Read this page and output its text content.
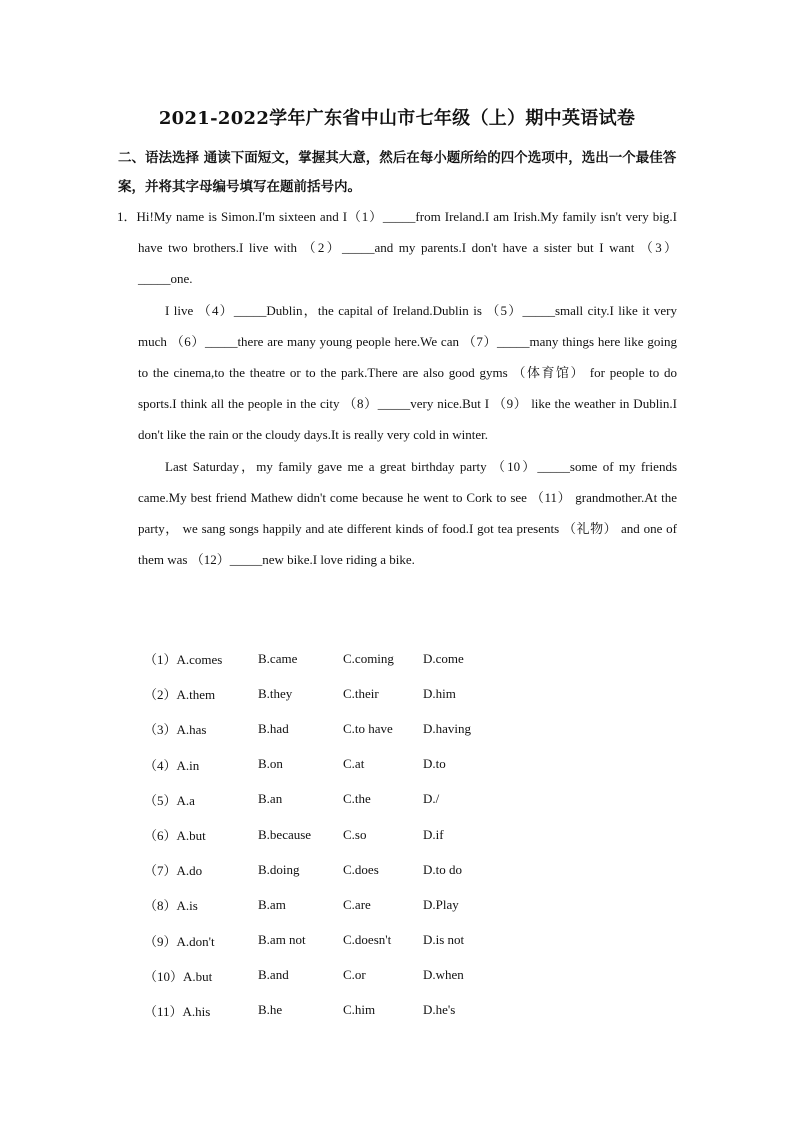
2021-2022学年广东省中山市七年级（上）期中英语试卷
二、语法选择 通读下面短文，掌握其大意，然后在每小题所给的四个选项中，选出一个最佳答案，并将其字母编号填写在题前括号内。

1．Hi!My name is Simon.I'm sixteen and I（1）_____from Ireland.I am Irish.My family isn't very big.I have two brothers.I live with （2）_____and my parents.I don't have a sister but I want （3）_____one.

I live （4）_____Dublin，the capital of Ireland.Dublin is （5）_____small city.I like it very much （6）_____there are many young people here.We can （7）_____many things here like going to the cinema,to the theatre or to the park.There are also good gyms （体育馆） for people to do sports.I think all the people in the city （8）_____very nice.But I （9） like the weather in Dublin.I don't like the rain or the cloudy days.It is really very cold in winter.

Last Saturday，my family gave me a great birthday party （10）_____some of my friends came.My best friend Mathew didn't come because he went to Cork to see （11） grandmother.At the party， we sang songs happily and ate different kinds of food.I got tea presents （礼物） and one of them was （12）_____new bike.I love riding a bike.

（1）A.comes	B.came	C.coming	D.come
（2）A.them	B.they	C.their	D.him
（3）A.has	B.had	C.to have	D.having
（4）A.in	B.on	C.at	D.to
（5）A.a	B.an	C.the	D./
（6）A.but	B.because	C.so	D.if
（7）A.do	B.doing	C.does	D.to do
（8）A.is	B.am	C.are	D.Play
（9）A.don't	B.am not	C.doesn't	D.is not
（10）A.but	B.and	C.or	D.when
（11）A.his	B.he	C.him	D.he's
